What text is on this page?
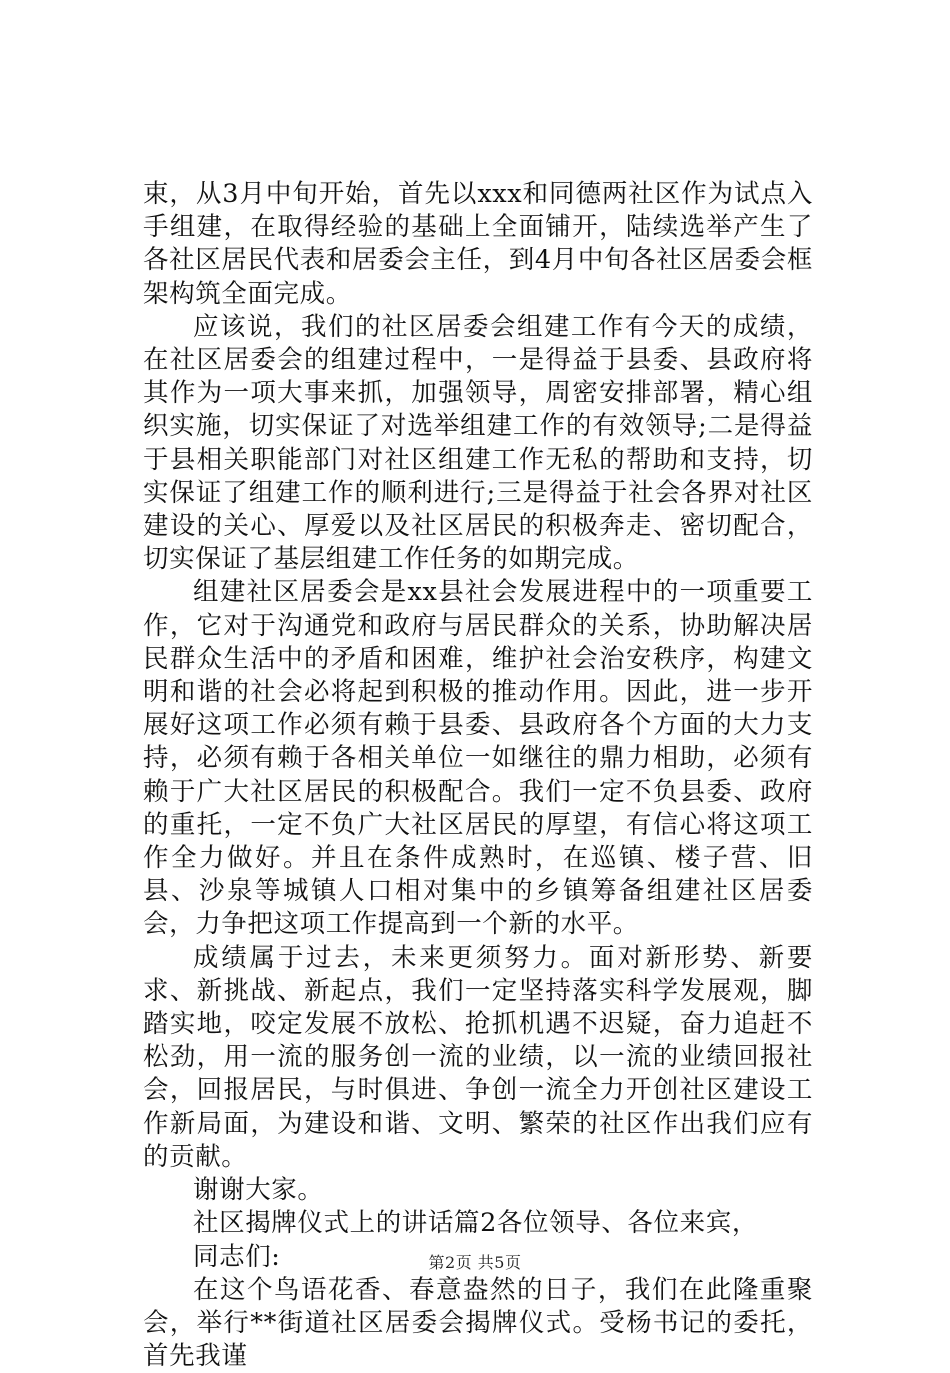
束，从3月中旬开始，首先以xxx和同德两社区作为试点入手组建，在取得经验的基础上全面铺开，陆续选举产生了各社区居民代表和居委会主任，到4月中旬各社区居委会框架构筑全面完成。

应该说，我们的社区居委会组建工作有今天的成绩，在社区居委会的组建过程中，一是得益于县委、县政府将其作为一项大事来抓，加强领导，周密安排部署，精心组织实施，切实保证了对选举组建工作的有效领导;二是得益于县相关职能部门对社区组建工作无私的帮助和支持，切实保证了组建工作的顺利进行;三是得益于社会各界对社区建设的关心、厚爱以及社区居民的积极奔走、密切配合，切实保证了基层组建工作任务的如期完成。

组建社区居委会是xx县社会发展进程中的一项重要工作，它对于沟通党和政府与居民群众的关系，协助解决居民群众生活中的矛盾和困难，维护社会治安秩序，构建文明和谐的社会必将起到积极的推动作用。因此，进一步开展好这项工作必须有赖于县委、县政府各个方面的大力支持，必须有赖于各相关单位一如继往的鼎力相助，必须有赖于广大社区居民的积极配合。我们一定不负县委、政府的重托，一定不负广大社区居民的厚望，有信心将这项工作全力做好。并且在条件成熟时，在巡镇、楼子营、旧县、沙泉等城镇人口相对集中的乡镇筹备组建社区居委会，力争把这项工作提高到一个新的水平。

成绩属于过去，未来更须努力。面对新形势、新要求、新挑战、新起点，我们一定坚持落实科学发展观，脚踏实地，咬定发展不放松、抢抓机遇不迟疑，奋力追赶不松劲，用一流的服务创一流的业绩，以一流的业绩回报社会，回报居民，与时俱进、争创一流全力开创社区建设工作新局面，为建设和谐、文明、繁荣的社区作出我们应有的贡献。

谢谢大家。

社区揭牌仪式上的讲话篇2各位领导、各位来宾，

同志们:

在这个鸟语花香、春意盎然的日子，我们在此隆重聚会，举行**街道社区居委会揭牌仪式。受杨书记的委托，首先我谨

第2页 共5页
